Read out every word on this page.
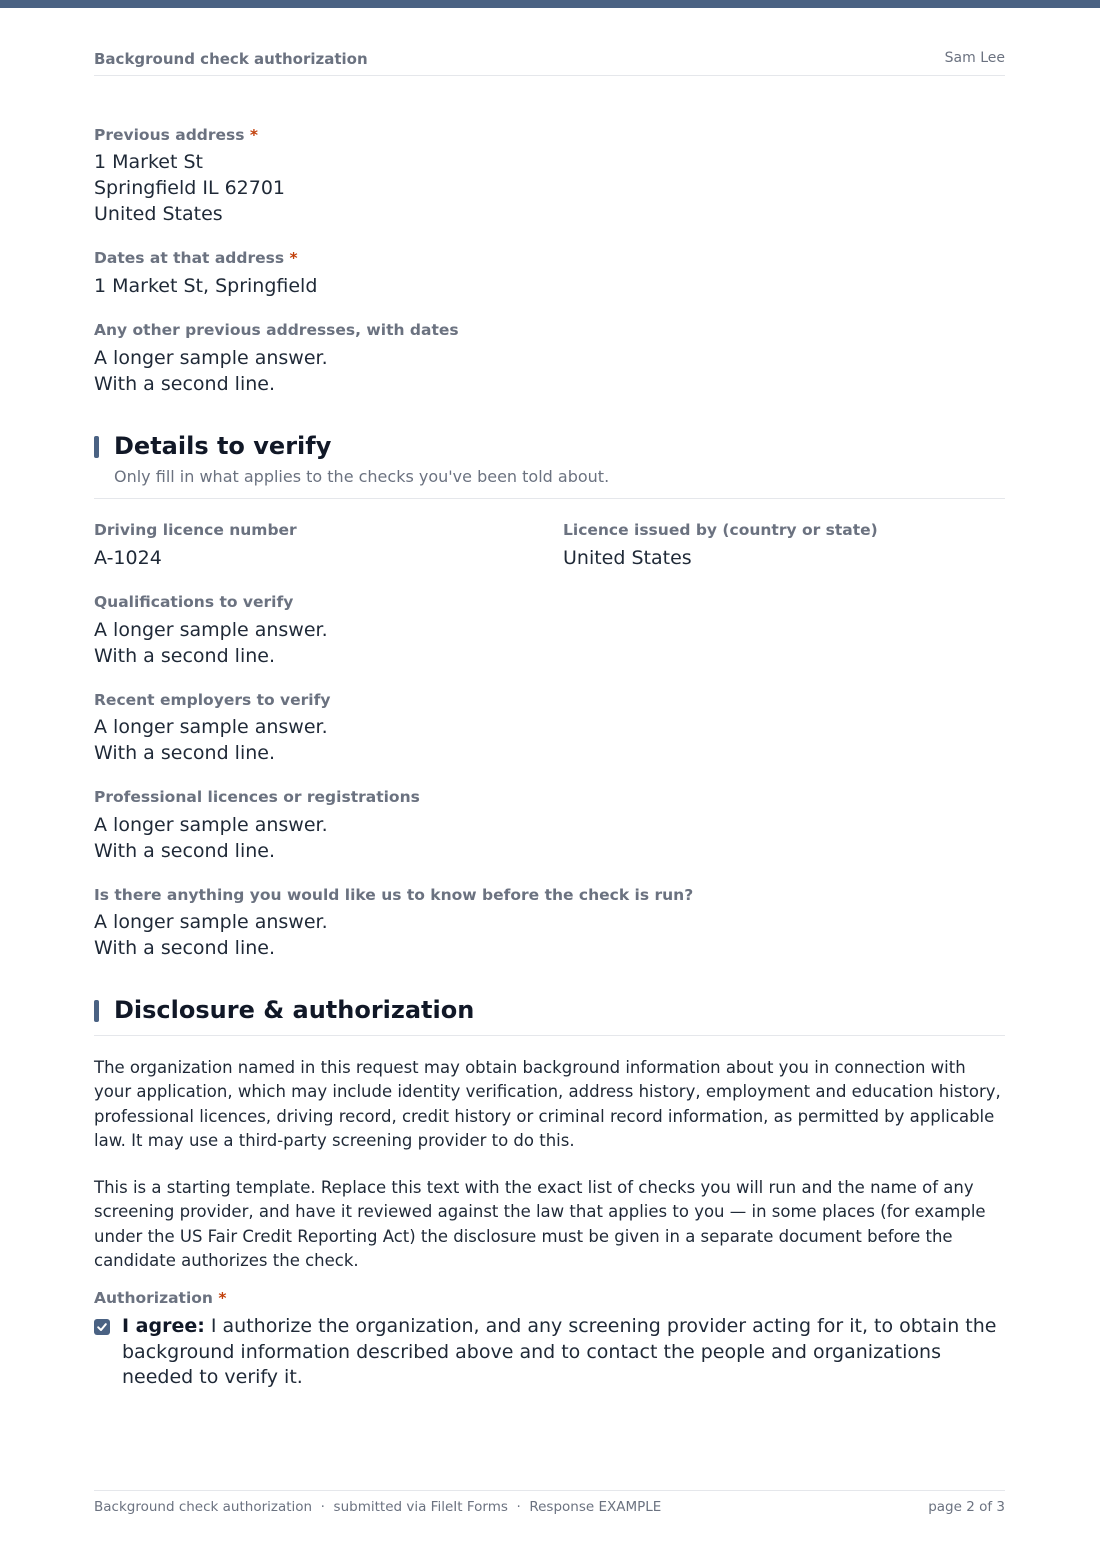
Background check authorization	Sam Lee
Previous address *
1 Market St
Springfield IL 62701
United States
Dates at that address *
1 Market St, Springfield
Any other previous addresses, with dates
A longer sample answer.
With a second line.
Details to verify
Only fill in what applies to the checks you've been told about.
Driving licence number
A-1024
Licence issued by (country or state)
United States
Qualifications to verify
A longer sample answer.
With a second line.
Recent employers to verify
A longer sample answer.
With a second line.
Professional licences or registrations
A longer sample answer.
With a second line.
Is there anything you would like us to know before the check is run?
A longer sample answer.
With a second line.
Disclosure & authorization
The organization named in this request may obtain background information about you in connection with your application, which may include identity verification, address history, employment and education history, professional licences, driving record, credit history or criminal record information, as permitted by applicable law. It may use a third-party screening provider to do this.
This is a starting template. Replace this text with the exact list of checks you will run and the name of any screening provider, and have it reviewed against the law that applies to you — in some places (for example under the US Fair Credit Reporting Act) the disclosure must be given in a separate document before the candidate authorizes the check.
Authorization *
I agree: I authorize the organization, and any screening provider acting for it, to obtain the background information described above and to contact the people and organizations needed to verify it.
Background check authorization  ·  submitted via FileIt Forms  ·  Response EXAMPLE	page 2 of 3
